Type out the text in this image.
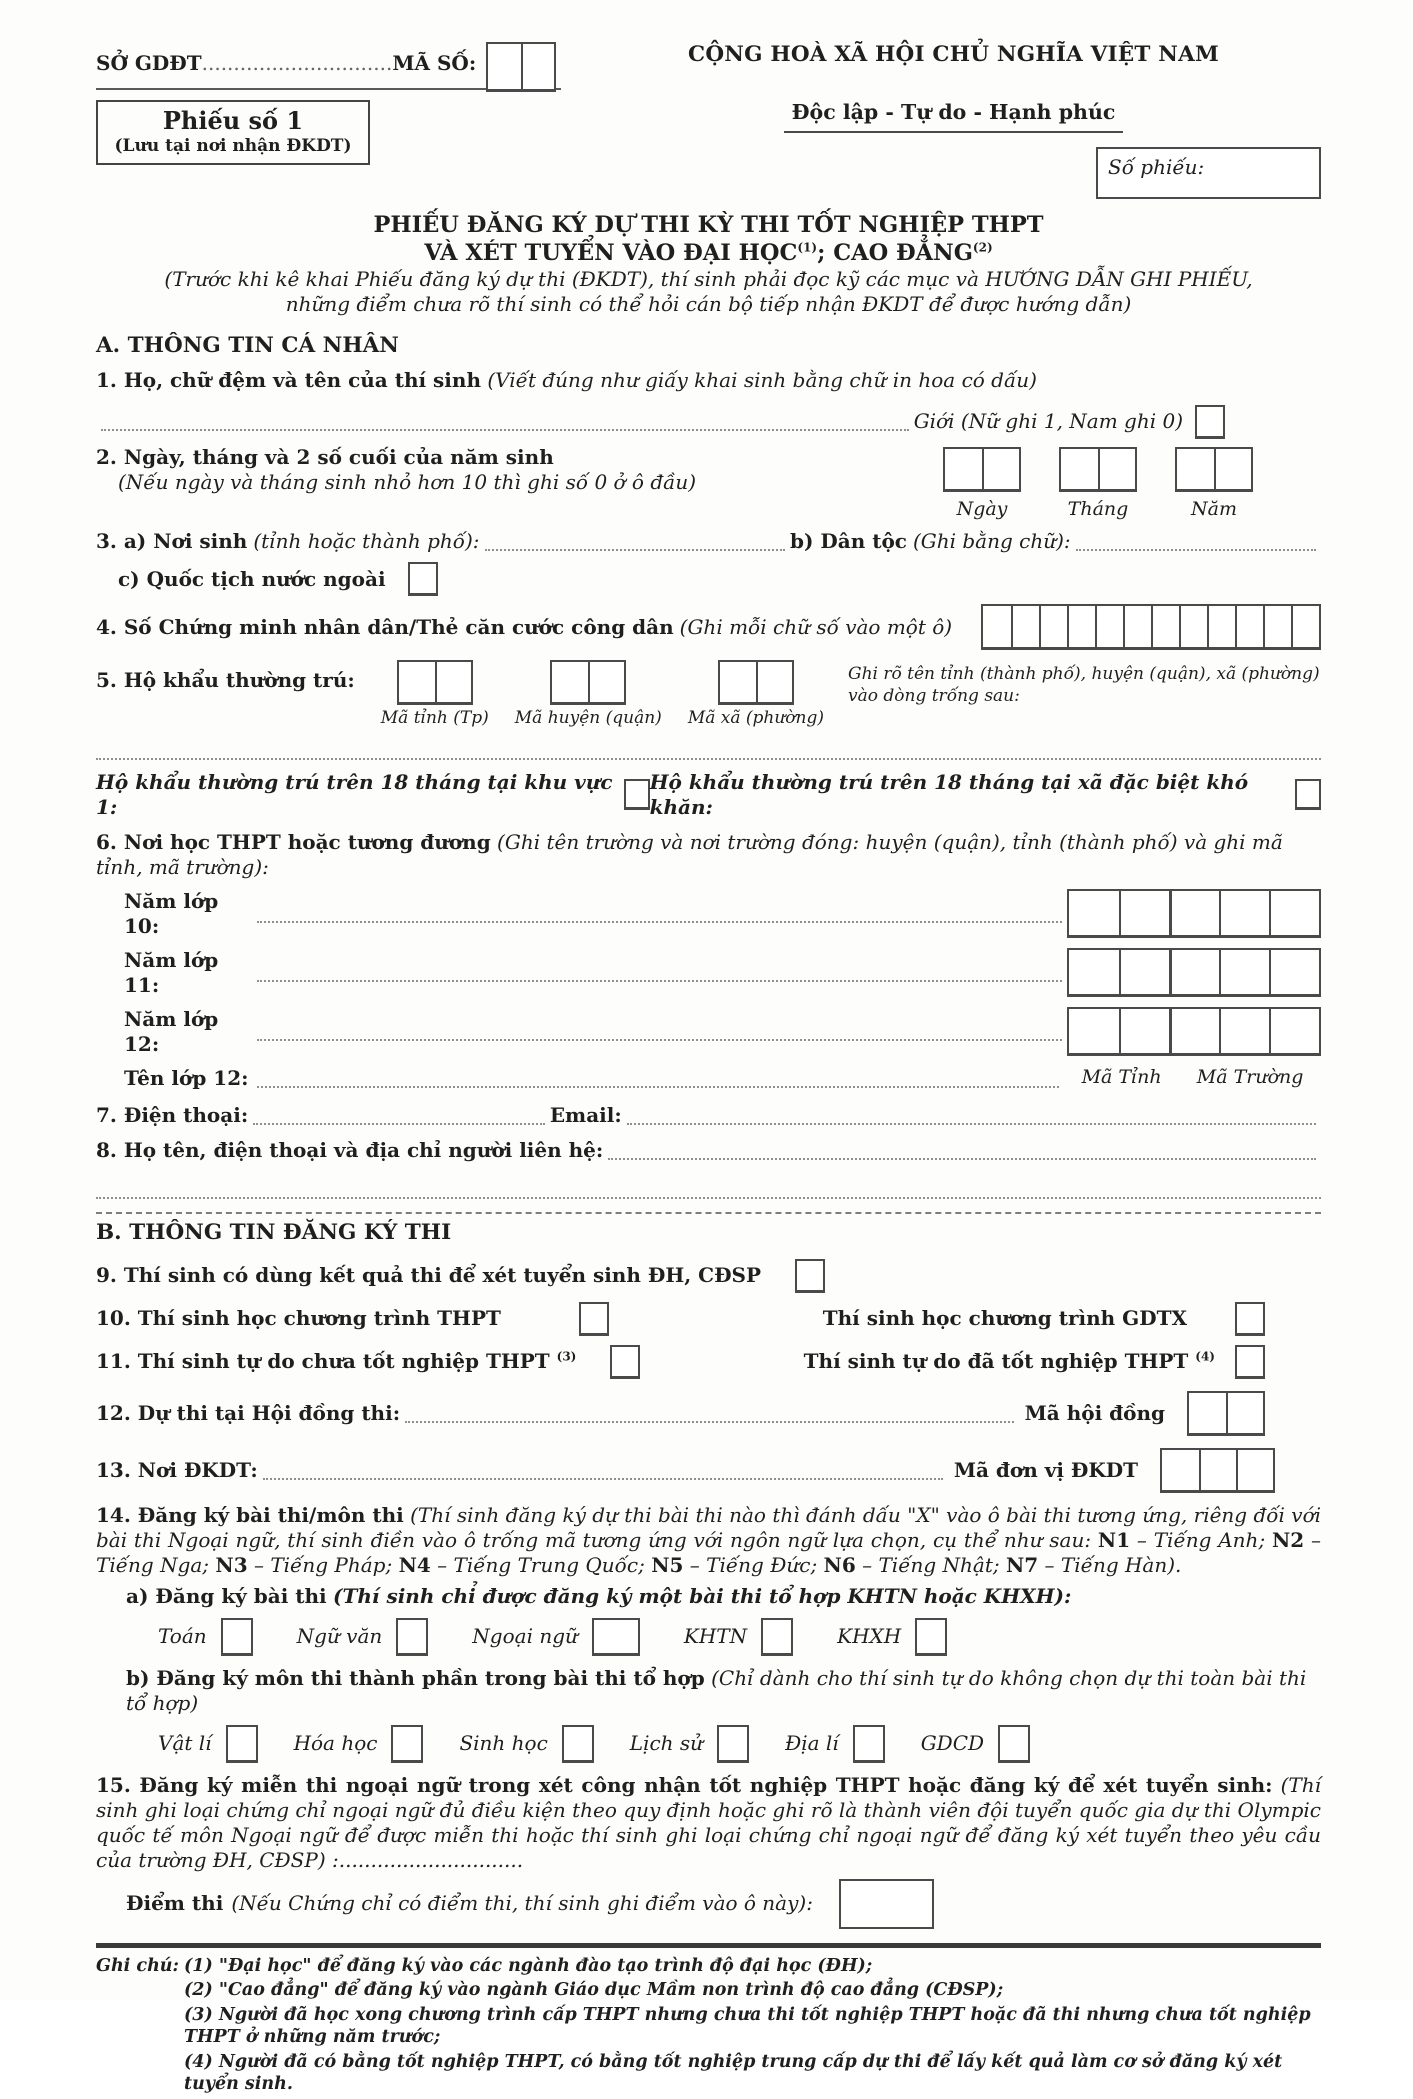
SỞ GDĐT .............................. MÃ SỐ:
Phiếu số 1
(Lưu tại nơi nhận ĐKDT)
CỘNG HOÀ XÃ HỘI CHỦ NGHĨA VIỆT NAM

Độc lập - Tự do - Hạnh phúc
Số phiếu:
PHIẾU ĐĂNG KÝ DỰ THI KỲ THI TỐT NGHIỆP THPT
VÀ XÉT TUYỂN VÀO ĐẠI HỌC$^{(1)}$; CAO ĐẲNG$^{(2)}$
(Trước khi kê khai Phiếu đăng ký dự thi (ĐKDT), thí sinh phải đọc kỹ các mục và HƯỚNG DẪN GHI PHIẾU,
những điểm chưa rõ thí sinh có thể hỏi cán bộ tiếp nhận ĐKDT để được hướng dẫn)
A. THÔNG TIN CÁ NHÂN
1. Họ, chữ đệm và tên của thí sinh (Viết đúng như giấy khai sinh bằng chữ in hoa có dấu)
Giới (Nữ ghi 1, Nam ghi 0)
2. Ngày, tháng và 2 số cuối của năm sinh
(Nếu ngày và tháng sinh nhỏ hơn 10 thì ghi số 0 ở ô đầu)
Ngày	Tháng	Năm
3. a) Nơi sinh (tỉnh hoặc thành phố):	b) Dân tộc (Ghi bằng chữ):
c) Quốc tịch nước ngoài
4. Số Chứng minh nhân dân/Thẻ căn cước công dân (Ghi mỗi chữ số vào một ô)
5. Hộ khẩu thường trú:
Mã tỉnh (Tp) Mã huyện (quận) Mã xã (phường)
Ghi rõ tên tỉnh (thành phố), huyện (quận), xã (phường) vào dòng trống sau:
Hộ khẩu thường trú trên 18 tháng tại khu vực 1:
Hộ khẩu thường trú trên 18 tháng tại xã đặc biệt khó khăn:
6. Nơi học THPT hoặc tương đương (Ghi tên trường và nơi trường đóng: huyện (quận), tỉnh (thành phố) và ghi mã tỉnh, mã trường):
Năm lớp 10:
Năm lớp 11:
Năm lớp 12:
Tên lớp 12:	Mã Tỉnh Mã Trường
7. Điện thoại:	Email:
8. Họ tên, điện thoại và địa chỉ người liên hệ:
B. THÔNG TIN ĐĂNG KÝ THI
9. Thí sinh có dùng kết quả thi để xét tuyển sinh ĐH, CĐSP
10. Thí sinh học chương trình THPT	Thí sinh học chương trình GDTX
11. Thí sinh tự do chưa tốt nghiệp THPT $^{(3)}$	Thí sinh tự do đã tốt nghiệp THPT $^{(4)}$
12. Dự thi tại Hội đồng thi:	Mã hội đồng
13. Nơi ĐKDT:	Mã đơn vị ĐKDT
14. Đăng ký bài thi/môn thi (Thí sinh đăng ký dự thi bài thi nào thì đánh dấu "X" vào ô bài thi tương ứng, riêng đối với bài thi Ngoại ngữ, thí sinh điền vào ô trống mã tương ứng với ngôn ngữ lựa chọn, cụ thể như sau: N1 – Tiếng Anh; N2 – Tiếng Nga; N3 – Tiếng Pháp; N4 – Tiếng Trung Quốc; N5 – Tiếng Đức; N6 – Tiếng Nhật; N7 – Tiếng Hàn).
a) Đăng ký bài thi (Thí sinh chỉ được đăng ký một bài thi tổ hợp KHTN hoặc KHXH):
Toán	Ngữ văn	Ngoại ngữ	KHTN	KHXH
b) Đăng ký môn thi thành phần trong bài thi tổ hợp (Chỉ dành cho thí sinh tự do không chọn dự thi toàn bài thi tổ hợp)
Vật lí	Hóa học	Sinh học	Lịch sử	Địa lí	GDCD
15. Đăng ký miễn thi ngoại ngữ trong xét công nhận tốt nghiệp THPT hoặc đăng ký để xét tuyển sinh: (Thí sinh ghi loại chứng chỉ ngoại ngữ đủ điều kiện theo quy định hoặc ghi rõ là thành viên đội tuyển quốc gia dự thi Olympic quốc tế môn Ngoại ngữ để được miễn thi hoặc thí sinh ghi loại chứng chỉ ngoại ngữ để đăng ký xét tuyển theo yêu cầu của trường ĐH, CĐSP) :.............................
Điểm thi (Nếu Chứng chỉ có điểm thi, thí sinh ghi điểm vào ô này):
Ghi chú: (1) "Đại học" để đăng ký vào các ngành đào tạo trình độ đại học (ĐH);
(2) "Cao đẳng" để đăng ký vào ngành Giáo dục Mầm non trình độ cao đẳng (CĐSP);
(3) Người đã học xong chương trình cấp THPT nhưng chưa thi tốt nghiệp THPT hoặc đã thi nhưng chưa tốt nghiệp THPT ở những năm trước;
(4) Người đã có bằng tốt nghiệp THPT, có bằng tốt nghiệp trung cấp dự thi để lấy kết quả làm cơ sở đăng ký xét tuyển sinh.
